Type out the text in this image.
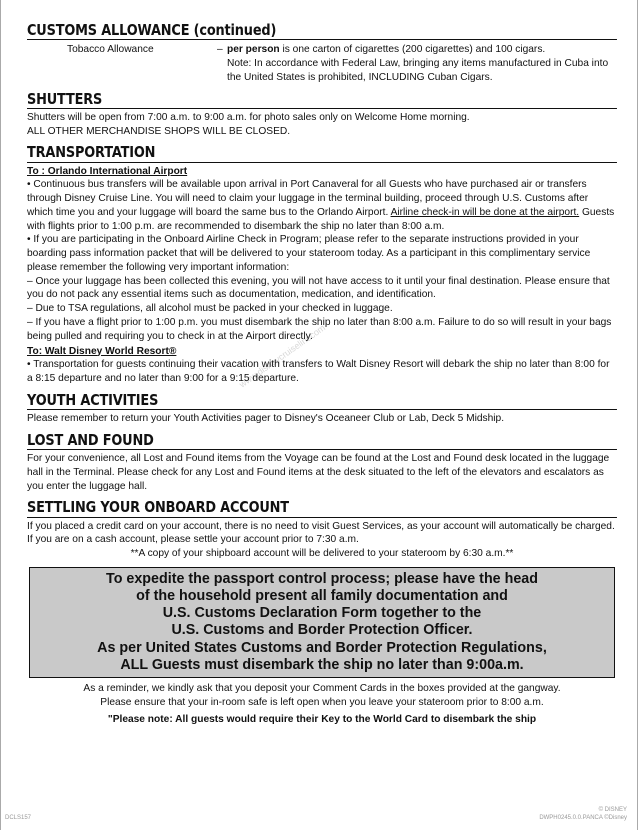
www.disneycruiselinecom
CUSTOMS ALLOWANCE (continued)
Tobacco Allowance	– per person is one carton of cigarettes (200 cigarettes) and 100 cigars.
Note: In accordance with Federal Law, bringing any items manufactured in Cuba into the United States is prohibited, INCLUDING Cuban Cigars.
SHUTTERS

Shutters will be open from 7:00 a.m. to 9:00 a.m. for photo sales only on Welcome Home morning.

ALL OTHER MERCHANDISE SHOPS WILL BE CLOSED.

TRANSPORTATION

To : Orlando International Airport

• Continuous bus transfers will be available upon arrival in Port Canaveral for all Guests who have purchased air or transfers through Disney Cruise Line. You will need to claim your luggage in the terminal building, proceed through U.S. Customs after which time you and your luggage will board the same bus to the Orlando Airport. Airline check-in will be done at the airport. Guests with flights prior to 1:00 p.m. are recommended to disembark the ship no later than 8:00 a.m.

• If you are participating in the Onboard Airline Check in Program; please refer to the separate instructions provided in your boarding pass information packet that will be delivered to your stateroom today. As a participant in this complimentary service please remember the following very important information:

– Once your luggage has been collected this evening, you will not have access to it until your final destination. Please ensure that you do not pack any essential items such as documentation, medication, and identification.

– Due to TSA regulations, all alcohol must be packed in your checked in luggage.

– If you have a flight prior to 1:00 p.m. you must disembark the ship no later than 8:00 a.m. Failure to do so will result in your bags being pulled and requiring you to check in at the Airport directly.

To: Walt Disney World Resort®

• Transportation for guests continuing their vacation with transfers to Walt Disney Resort will debark the ship no later than 8:00 for a 8:15 departure and no later than 9:00 for a 9:15 departure.

YOUTH ACTIVITIES

Please remember to return your Youth Activities pager to Disney's Oceaneer Club or Lab, Deck 5 Midship.

LOST AND FOUND

For your convenience, all Lost and Found items from the Voyage can be found at the Lost and Found desk located in the luggage hall in the Terminal. Please check for any Lost and Found items at the desk situated to the left of the elevators and escalators as you enter the luggage hall.

SETTLING YOUR ONBOARD ACCOUNT

If you placed a credit card on your account, there is no need to visit Guest Services, as your account will automatically be charged. If you are on a cash account, please settle your account prior to 7:30 a.m.

**A copy of your shipboard account will be delivered to your stateroom by 6:30 a.m.**

To expedite the passport control process; please have the head
of the household present all family documentation and
U.S. Customs Declaration Form together to the
U.S. Customs and Border Protection Officer.
As per United States Customs and Border Protection Regulations,
ALL Guests must disembark the ship no later than 9:00a.m.

As a reminder, we kindly ask that you deposit your Comment Cards in the boxes provided at the gangway.

Please ensure that your in-room safe is left open when you leave your stateroom prior to 8:00 a.m.

"Please note: All guests would require their Key to the World Card to disembark the ship

DCLS157
© DISNEY
DWPH0245.0.0.PANCA ©Disney
